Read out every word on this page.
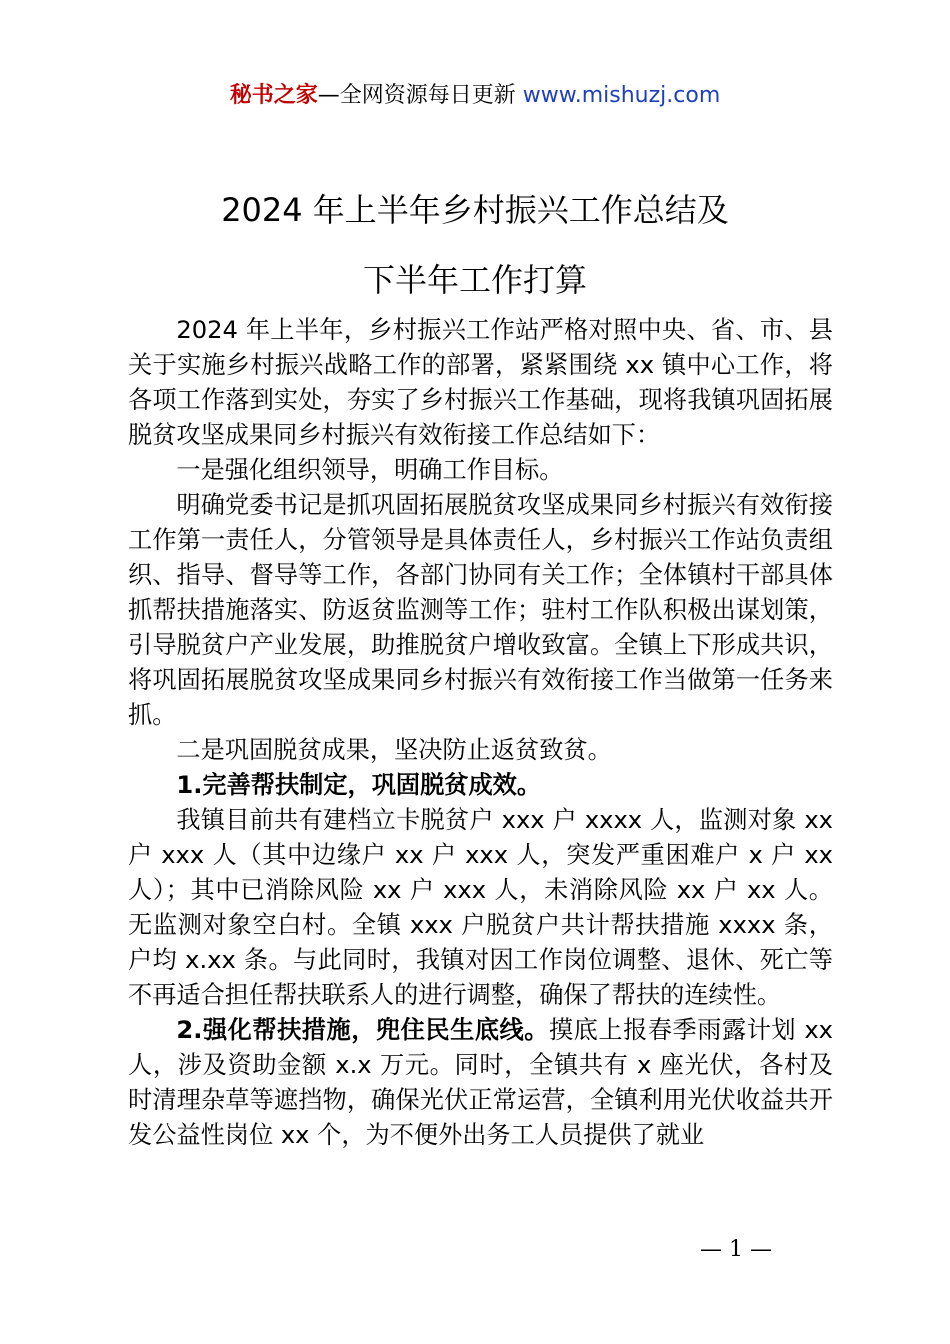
秘书之家—全网资源每日更新 www.mishuzj.com
2024 年上半年乡村振兴工作总结及
下半年工作打算

2024 年上半年，乡村振兴工作站严格对照中央、省、市、县关于实施乡村振兴战略工作的部署，紧紧围绕 xx 镇中心工作，将各项工作落到实处，夯实了乡村振兴工作基础，现将我镇巩固拓展脱贫攻坚成果同乡村振兴有效衔接工作总结如下：

一是强化组织领导，明确工作目标。

明确党委书记是抓巩固拓展脱贫攻坚成果同乡村振兴有效衔接工作第一责任人，分管领导是具体责任人，乡村振兴工作站负责组织、指导、督导等工作，各部门协同有关工作；全体镇村干部具体抓帮扶措施落实、防返贫监测等工作；驻村工作队积极出谋划策，引导脱贫户产业发展，助推脱贫户增收致富。全镇上下形成共识，将巩固拓展脱贫攻坚成果同乡村振兴有效衔接工作当做第一任务来抓。

二是巩固脱贫成果，坚决防止返贫致贫。

1.完善帮扶制定，巩固脱贫成效。

我镇目前共有建档立卡脱贫户 xxx 户 xxxx 人，监测对象 xx 户 xxx 人（其中边缘户 xx 户 xxx 人，突发严重困难户 x 户 xx 人）；其中已消除风险 xx 户 xxx 人，未消除风险 xx 户 xx 人。无监测对象空白村。全镇 xxx 户脱贫户共计帮扶措施 xxxx 条，户均 x.xx 条。与此同时，我镇对因工作岗位调整、退休、死亡等不再适合担任帮扶联系人的进行调整，确保了帮扶的连续性。

2.强化帮扶措施，兜住民生底线。摸底上报春季雨露计划 xx 人，涉及资助金额 x.x 万元。同时，全镇共有 x 座光伏，各村及时清理杂草等遮挡物，确保光伏正常运营，全镇利用光伏收益共开发公益性岗位 xx 个，为不便外出务工人员提供了就业

— 1 —
